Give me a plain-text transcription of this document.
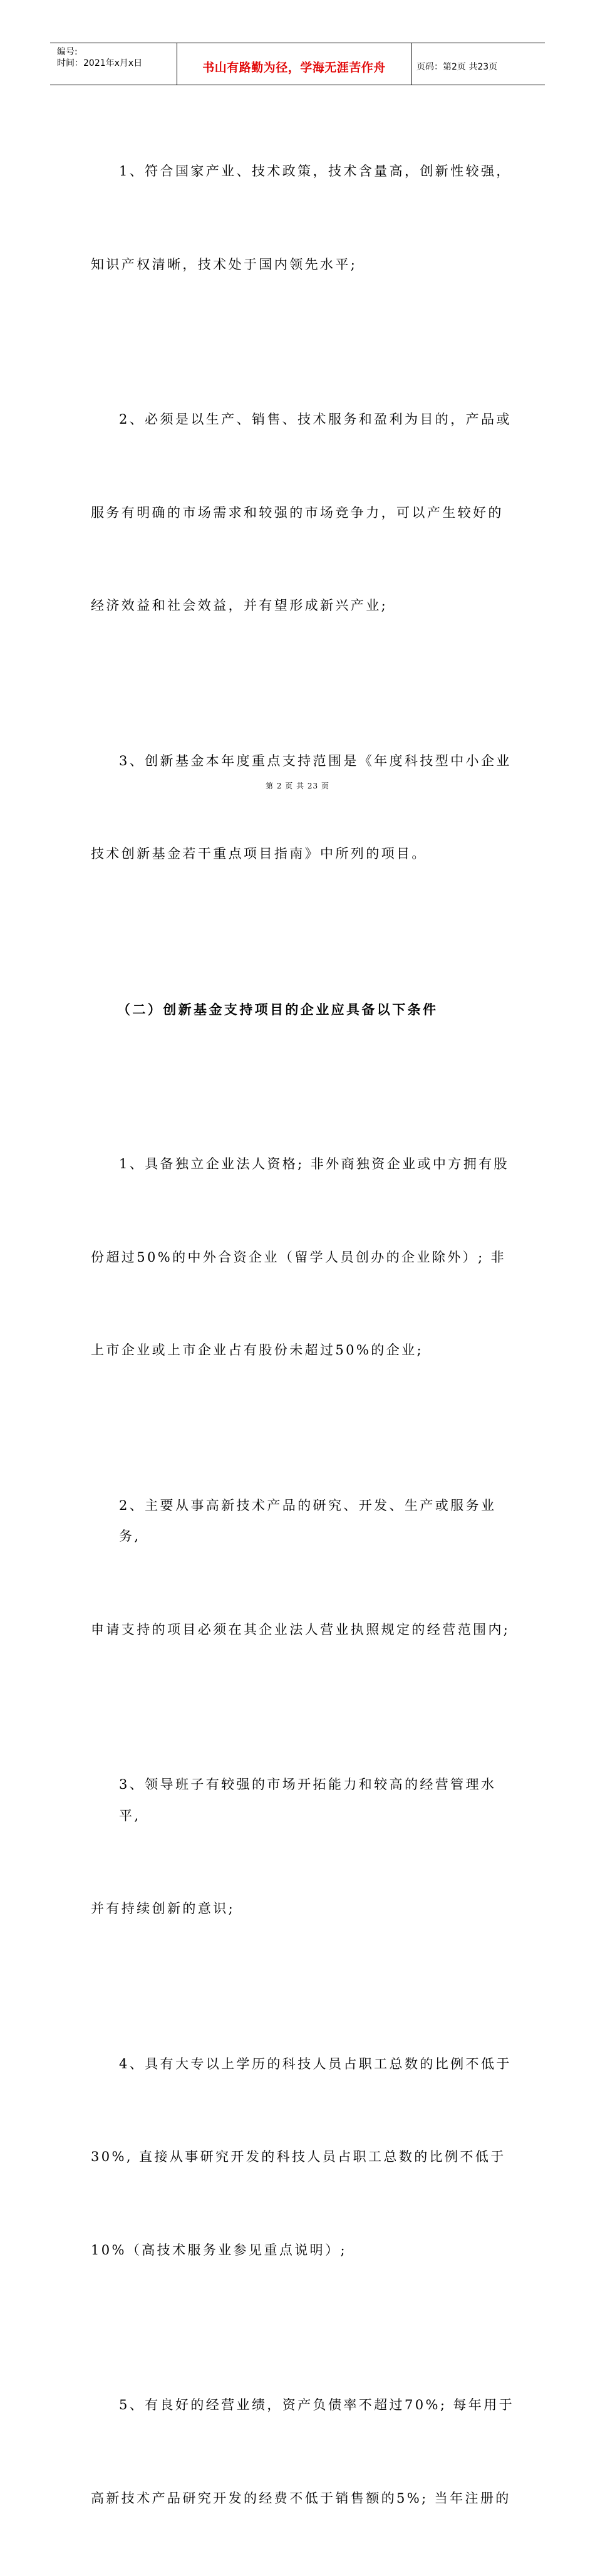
编号:
时间：2021年x月x日	书山有路勤为径，学海无涯苦作舟	页码：第2页 共23页

1、符合国家产业、技术政策，技术含量高，创新性较强，

知识产权清晰，技术处于国内领先水平;

2、必须是以生产、销售、技术服务和盈利为目的，产品或

服务有明确的市场需求和较强的市场竞争力，可以产生较好的

经济效益和社会效益，并有望形成新兴产业;

3、创新基金本年度重点支持范围是《年度科技型中小企业

技术创新基金若干重点项目指南》中所列的项目。

（二）创新基金支持项目的企业应具备以下条件

1、具备独立企业法人资格; 非外商独资企业或中方拥有股

份超过50%的中外合资企业（留学人员创办的企业除外）; 非

上市企业或上市企业占有股份未超过50%的企业;

2、主要从事高新技术产品的研究、开发、生产或服务业务,

申请支持的项目必须在其企业法人营业执照规定的经营范围内;

3、领导班子有较强的市场开拓能力和较高的经营管理水平,

并有持续创新的意识;

4、具有大专以上学历的科技人员占职工总数的比例不低于

30%, 直接从事研究开发的科技人员占职工总数的比例不低于

10%（高技术服务业参见重点说明）;

5、有良好的经营业绩，资产负债率不超过70%; 每年用于

高新技术产品研究开发的经费不低于销售额的5%; 当年注册的

第 2 页 共 23 页
